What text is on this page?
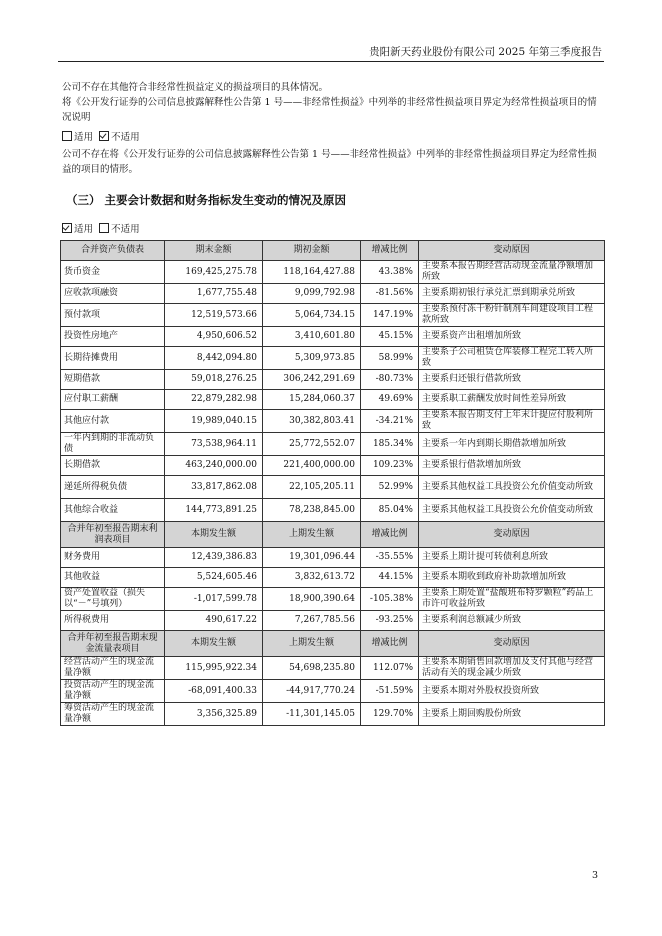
贵阳新天药业股份有限公司 2025 年第三季度报告
公司不存在其他符合非经常性损益定义的损益项目的具体情况。
将《公开发行证券的公司信息披露解释性公告第 1 号——非经常性损益》中列举的非经常性损益项目界定为经常性损益项目的情况说明
适用 不适用
公司不存在将《公开发行证券的公司信息披露解释性公告第 1 号——非经常性损益》中列举的非经常性损益项目界定为经常性损益的项目的情形。
（三） 主要会计数据和财务指标发生变动的情况及原因
适用 不适用
合并资产负债表	期末金额	期初金额	增减比例	变动原因
货币资金	169,425,275.78	118,164,427.88	43.38%	主要系本报告期经营活动现金流量净额增加所致
应收款项融资	1,677,755.48	9,099,792.98	-81.56%	主要系期初银行承兑汇票到期承兑所致
预付款项	12,519,573.66	5,064,734.15	147.19%	主要系预付冻干粉针制剂车间建设项目工程款所致
投资性房地产	4,950,606.52	3,410,601.80	45.15%	主要系资产出租增加所致
长期待摊费用	8,442,094.80	5,309,973.85	58.99%	主要系子公司租赁仓库装修工程完工转入所致
短期借款	59,018,276.25	306,242,291.69	-80.73%	主要系归还银行借款所致
应付职工薪酬	22,879,282.98	15,284,060.37	49.69%	主要系职工薪酬发放时间性差异所致
其他应付款	19,989,040.15	30,382,803.41	-34.21%	主要系本报告期支付上年末计提应付股利所致
一年内到期的非流动负债	73,538,964.11	25,772,552.07	185.34%	主要系一年内到期长期借款增加所致
长期借款	463,240,000.00	221,400,000.00	109.23%	主要系银行借款增加所致
递延所得税负债	33,817,862.08	22,105,205.11	52.99%	主要系其他权益工具投资公允价值变动所致
其他综合收益	144,773,891.25	78,238,845.00	85.04%	主要系其他权益工具投资公允价值变动所致
合并年初至报告期末利润表项目	本期发生额	上期发生额	增减比例	变动原因
财务费用	12,439,386.83	19,301,096.44	-35.55%	主要系上期计提可转债利息所致
其他收益	5,524,605.46	3,832,613.72	44.15%	主要系本期收到政府补助款增加所致
资产处置收益（损失以“－”号填列）	-1,017,599.78	18,900,390.64	-105.38%	主要系上期处置“盐酸班布特罗颗粒”药品上市许可收益所致
所得税费用	490,617.22	7,267,785.56	-93.25%	主要系利润总额减少所致
合并年初至报告期末现金流量表项目	本期发生额	上期发生额	增减比例	变动原因
经营活动产生的现金流量净额	115,995,922.34	54,698,235.80	112.07%	主要系本期销售回款增加及支付其他与经营活动有关的现金减少所致
投资活动产生的现金流量净额	-68,091,400.33	-44,917,770.24	-51.59%	主要系本期对外股权投资所致
筹资活动产生的现金流量净额	3,356,325.89	-11,301,145.05	129.70%	主要系上期回购股份所致
3
